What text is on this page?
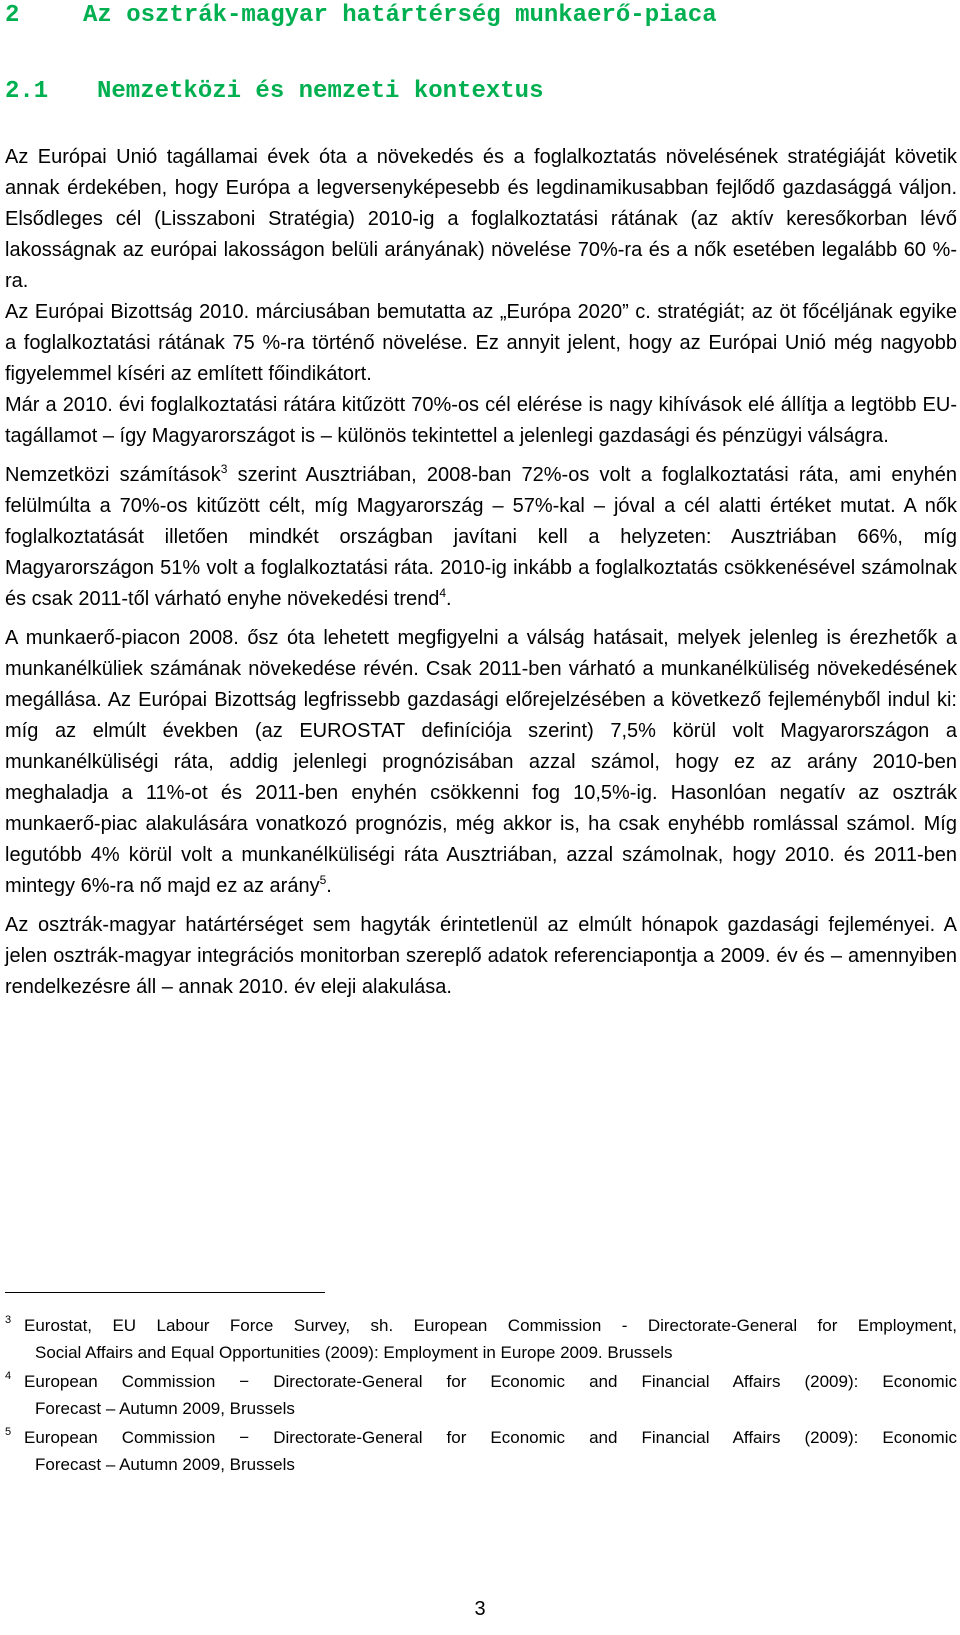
2	Az osztrák-magyar határtérség munkaerő-piaca
2.1 Nemzetközi és nemzeti kontextus

Az Európai Unió tagállamai évek óta a növekedés és a foglalkoztatás növelésének stratégiáját követik annak érdekében, hogy Európa a legversenyképesebb és legdinamikusabban fejlődő gazdasággá váljon. Elsődleges cél (Lisszaboni Stratégia) 2010-ig a foglalkoztatási rátának (az aktív keresőkorban lévő lakosságnak az európai lakosságon belüli arányának) növelése 70%-ra és a nők esetében legalább 60 %-ra.

Az Európai Bizottság 2010. márciusában bemutatta az „Európa 2020” c. stratégiát; az öt főcéljának egyike a foglalkoztatási rátának 75 %-ra történő növelése. Ez annyit jelent, hogy az Európai Unió még nagyobb figyelemmel kíséri az említett főindikátort.

Már a 2010. évi foglalkoztatási rátára kitűzött 70%-os cél elérése is nagy kihívások elé állítja a legtöbb EU-tagállamot – így Magyarországot is – különös tekintettel a jelenlegi gazdasági és pénzügyi válságra.

Nemzetközi számítások$^3$ szerint Ausztriában, 2008-ban 72%-os volt a foglalkoztatási ráta, ami enyhén felülmúlta a 70%-os kitűzött célt, míg Magyarország – 57%-kal – jóval a cél alatti értéket mutat. A nők foglalkoztatását illetően mindkét országban javítani kell a helyzeten: Ausztriában 66%, míg Magyarországon 51% volt a foglalkoztatási ráta. 2010-ig inkább a foglalkoztatás csökkenésével számolnak és csak 2011-től várható enyhe növekedési trend$^4$.

A munkaerő-piacon 2008. ősz óta lehetett megfigyelni a válság hatásait, melyek jelenleg is érezhetők a munkanélküliek számának növekedése révén. Csak 2011-ben várható a munkanélküliség növekedésének megállása. Az Európai Bizottság legfrissebb gazdasági előrejelzésében a következő fejleményből indul ki: míg az elmúlt években (az EUROSTAT definíciója szerint) 7,5% körül volt Magyarországon a munkanélküliségi ráta, addig jelenlegi prognózisában azzal számol, hogy ez az arány 2010-ben meghaladja a 11%-ot és 2011-ben enyhén csökkenni fog 10,5%-ig. Hasonlóan negatív az osztrák munkaerő-piac alakulására vonatkozó prognózis, még akkor is, ha csak enyhébb romlással számol. Míg legutóbb 4% körül volt a munkanélküliségi ráta Ausztriában, azzal számolnak, hogy 2010. és 2011-ben mintegy 6%-ra nő majd ez az arány$^5$.

Az osztrák-magyar határtérséget sem hagyták érintetlenül az elmúlt hónapok gazdasági fejleményei. A jelen osztrák-magyar integrációs monitorban szereplő adatok referenciapontja a 2009. év és – amennyiben rendelkezésre áll – annak 2010. év eleji alakulása.

3 Eurostat, EU Labour Force Survey, sh. European Commission - Directorate-General for Employment,
Social Affairs and Equal Opportunities (2009): Employment in Europe 2009. Brussels
4 European Commission − Directorate-General for Economic and Financial Affairs (2009): Economic
Forecast – Autumn 2009, Brussels
5 European Commission − Directorate-General for Economic and Financial Affairs (2009): Economic
Forecast – Autumn 2009, Brussels
3
